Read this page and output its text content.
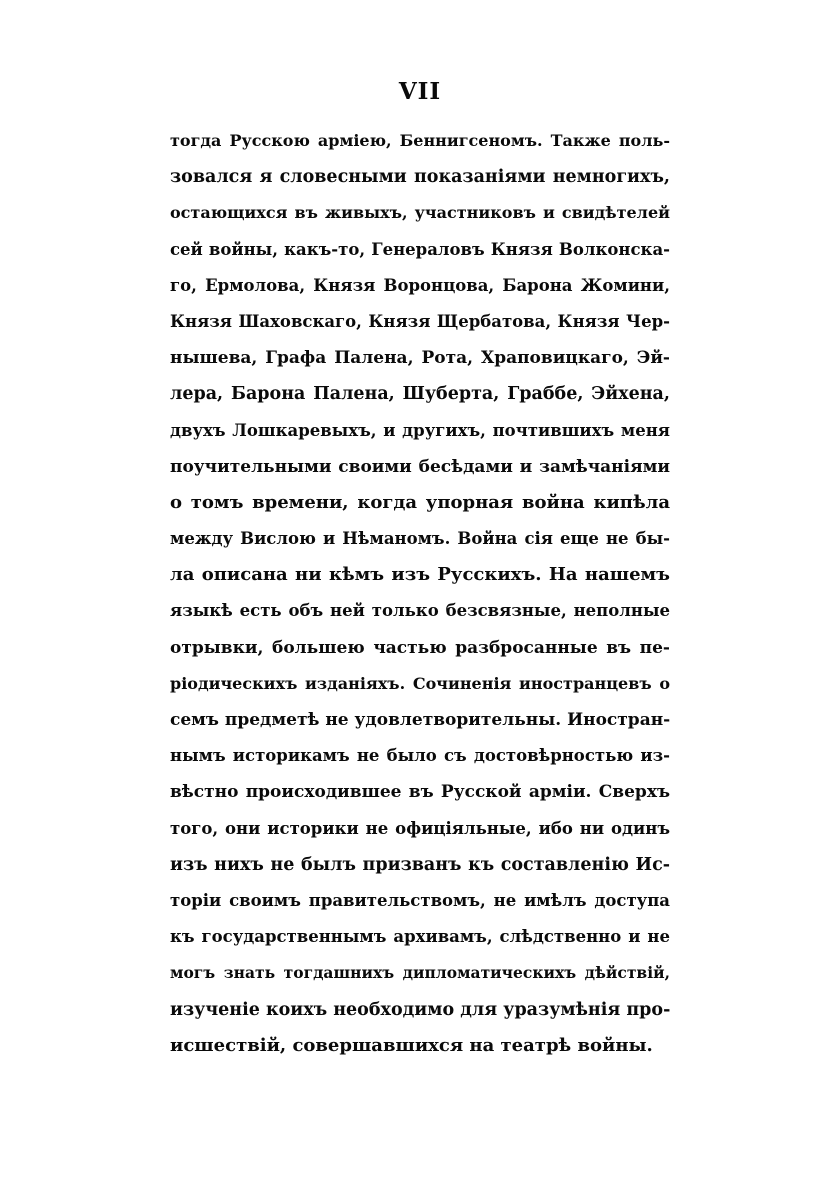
VII
тогда Русскою арміею, Беннигсеномъ. Также поль-
зовался я словесными показаніями немногихъ,
остающихся въ живыхъ, участниковъ и свидѣтелей
сей войны, какъ-то, Генераловъ Князя Волконска-
го, Ермолова, Князя Воронцова, Барона Жомини,
Князя Шаховскаго, Князя Щербатова, Князя Чер-
нышева, Графа Палена, Рота, Храповицкаго, Эй-
лера, Барона Палена, Шуберта, Граббе, Эйхена,
двухъ Лошкаревыхъ, и другихъ, почтившихъ меня
поучительными своими бесѣдами и замѣчаніями
о томъ времени, когда упорная война кипѣла
между Вислою и Нѣманомъ. Война сія еще не бы-
ла описана ни кѣмъ изъ Русскихъ. На нашемъ
языкѣ есть объ ней только безсвязные, неполные
отрывки, большею частью разбросанные въ пе-
ріодическихъ изданіяхъ. Сочиненія иностранцевъ о
семъ предметѣ не удовлетворительны. Иностран-
нымъ историкамъ не было съ достовѣрностью из-
вѣстно происходившее въ Русской арміи. Сверхъ
того, они историки не офиціяльные, ибо ни одинъ
изъ нихъ не былъ призванъ къ составленію Ис-
торіи своимъ правительствомъ, не имѣлъ доступа
къ государственнымъ архивамъ, слѣдственно и не
могъ знать тогдашнихъ дипломатическихъ дѣйствій,
изученіе коихъ необходимо для уразумѣнія про-
исшествій, совершавшихся на театрѣ войны.
